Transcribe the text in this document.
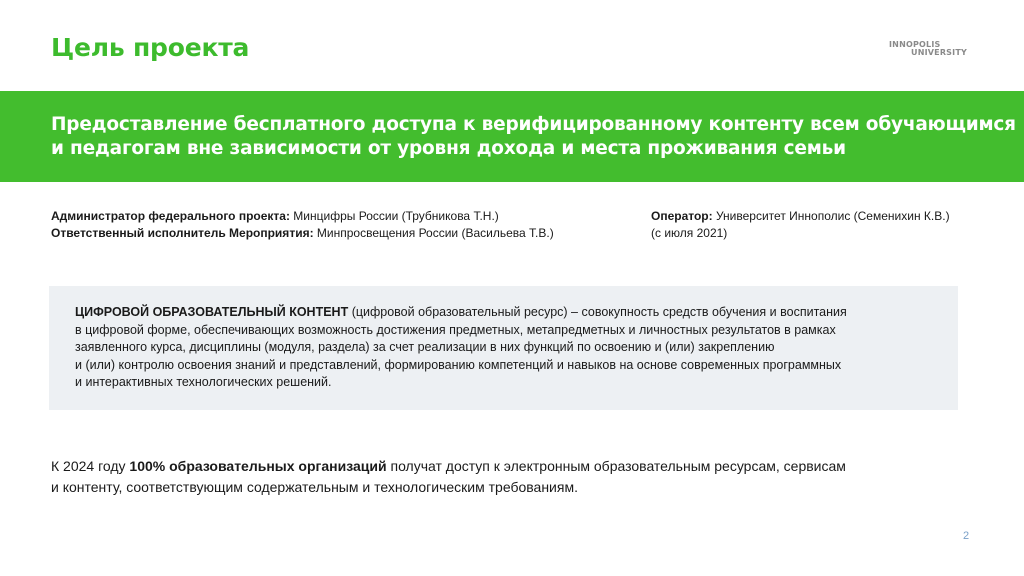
Цель проекта	INNOPOLIS
UNIVERSITY
Предоставление бесплатного доступа к верифицированному контенту всем обучающимся
и педагогам вне зависимости от уровня дохода и места проживания семьи
Администратор федерального проекта: Минцифры России (Трубникова Т.Н.)
Ответственный исполнитель Мероприятия: Минпросвещения России (Васильева Т.В.)
Оператор: Университет Иннополис (Семенихин К.В.)
(с июля 2021)
ЦИФРОВОЙ ОБРАЗОВАТЕЛЬНЫЙ КОНТЕНТ (цифровой образовательный ресурс) – совокупность средств обучения и воспитания
в цифровой форме, обеспечивающих возможность достижения предметных, метапредметных и личностных результатов в рамках
заявленного курса, дисциплины (модуля, раздела) за счет реализации в них функций по освоению и (или) закреплению
и (или) контролю освоения знаний и представлений, формированию компетенций и навыков на основе современных программных
и интерактивных технологических решений.
К 2024 году 100% образовательных организаций получат доступ к электронным образовательным ресурсам, сервисам
и контенту, соответствующим содержательным и технологическим требованиям.
2
